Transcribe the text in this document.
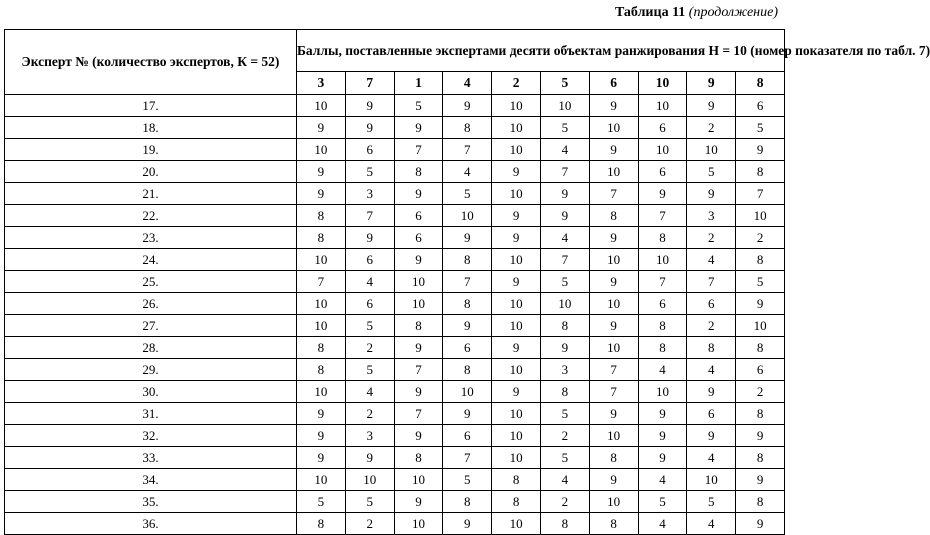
Таблица 11 (продолжение)
Эксперт № (количество экспертов, К = 52)	Баллы, поставленные экспертами десяти объектам ранжирования Н = 10 (номер показателя по табл. 7)									
	3	7	1	4	2	5	6	10	9	8
17.	10	9	5	9	10	10	9	10	9	6
18.	9	9	9	8	10	5	10	6	2	5
19.	10	6	7	7	10	4	9	10	10	9
20.	9	5	8	4	9	7	10	6	5	8
21.	9	3	9	5	10	9	7	9	9	7
22.	8	7	6	10	9	9	8	7	3	10
23.	8	9	6	9	9	4	9	8	2	2
24.	10	6	9	8	10	7	10	10	4	8
25.	7	4	10	7	9	5	9	7	7	5
26.	10	6	10	8	10	10	10	6	6	9
27.	10	5	8	9	10	8	9	8	2	10
28.	8	2	9	6	9	9	10	8	8	8
29.	8	5	7	8	10	3	7	4	4	6
30.	10	4	9	10	9	8	7	10	9	2
31.	9	2	7	9	10	5	9	9	6	8
32.	9	3	9	6	10	2	10	9	9	9
33.	9	9	8	7	10	5	8	9	4	8
34.	10	10	10	5	8	4	9	4	10	9
35.	5	5	9	8	8	2	10	5	5	8
36.	8	2	10	9	10	8	8	4	4	9
